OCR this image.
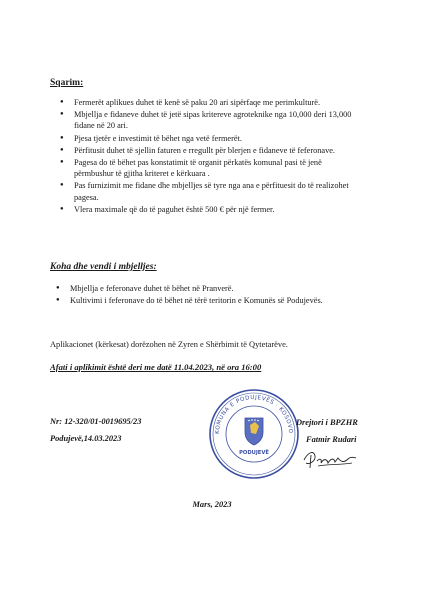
Sqarim:
● Fermerët aplikues duhet të kenë së paku 20 ari sipërfaqe me perimkulturë.
● Mbjellja e fidaneve duhet të jetë sipas kritereve agroteknike nga 10,000 deri 13,000 fidane në 20 ari.
● Pjesa tjetër e investimit të bëhet nga vetë fermerët.
● Përfitusit duhet të sjellin faturen e rregullt për blerjen e fidaneve të feferonave.
● Pagesa do të bëhet pas konstatimit të organit përkatës komunal pasi të jenë përmbushur të gjitha kriteret e kërkuara .
● Pas furnizimit me fidane dhe mbjelljes së tyre nga ana e përfituesit do të realizohet pagesa.
● Vlera maximale që do të paguhet është 500 € për një fermer.
Koha dhe vendi i mbjelljes:
● Mbjellja e feferonave duhet të bëhet në Pranverë.
● Kultivimi i feferonave do të bëhet në tërë teritorin e Komunës së Podujevës.
Aplikacionet (kërkesat) dorëzohen në Zyren e Shërbimit të Qytetarëve.
Afati i aplikimit është deri me datë 11.04.2023, në ora 16:00
Nr: 12-320/01-0019695/23
Podujevë,14.03.2023
KOMUNA E PODUJEVËS · KOSOVO
PODUJEVË
Drejtori i BPZHR
Fatmir Rudari
Mars, 2023
